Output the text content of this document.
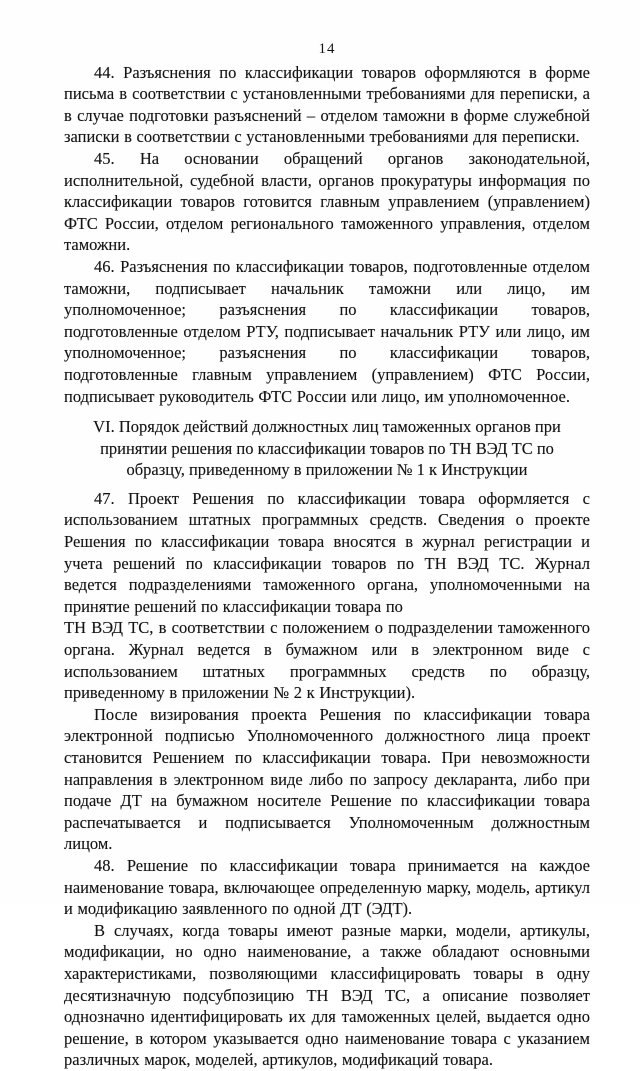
14

44. Разъяснения по классификации товаров оформляются в форме письма в соответствии с установленными требованиями для переписки, а в случае подготовки разъяснений – отделом таможни в форме служебной записки в соответствии с установленными требованиями для переписки.

45. На основании обращений органов законодательной, исполнительной, судебной власти, органов прокуратуры информация по классификации товаров готовится главным управлением (управлением) ФТС России, отделом регионального таможенного управления, отделом таможни.

46. Разъяснения по классификации товаров, подготовленные отделом таможни, подписывает начальник таможни или лицо, им уполномоченное; разъяснения по классификации товаров, подготовленные отделом РТУ, подписывает начальник РТУ или лицо, им уполномоченное; разъяснения по классификации товаров, подготовленные главным управлением (управлением) ФТС России, подписывает руководитель ФТС России или лицо, им уполномоченное.

VI. Порядок действий должностных лиц таможенных органов при принятии решения по классификации товаров по ТН ВЭД ТС по образцу, приведенному в приложении № 1 к Инструкции

47. Проект Решения по классификации товара оформляется с использованием штатных программных средств. Сведения о проекте Решения по классификации товара вносятся в журнал регистрации и учета решений по классификации товаров по ТН ВЭД ТС. Журнал ведется подразделениями таможенного органа, уполномоченными на принятие решений по классификации товара по

ТН ВЭД ТС, в соответствии с положением о подразделении таможенного органа. Журнал ведется в бумажном или в электронном виде с использованием штатных программных средств по образцу, приведенному в приложении № 2 к Инструкции).

После визирования проекта Решения по классификации товара электронной подписью Уполномоченного должностного лица проект становится Решением по классификации товара. При невозможности направления в электронном виде либо по запросу декларанта, либо при подаче ДТ на бумажном носителе Решение по классификации товара распечатывается и подписывается Уполномоченным должностным лицом.

48. Решение по классификации товара принимается на каждое наименование товара, включающее определенную марку, модель, артикул и модификацию заявленного по одной ДТ (ЭДТ).

В случаях, когда товары имеют разные марки, модели, артикулы, модификации, но одно наименование, а также обладают основными характеристиками, позволяющими классифицировать товары в одну десятизначную подсубпозицию ТН ВЭД ТС, а описание позволяет однозначно идентифицировать их для таможенных целей, выдается одно решение, в котором указывается одно наименование товара с указанием различных марок, моделей, артикулов, модификаций товара.
